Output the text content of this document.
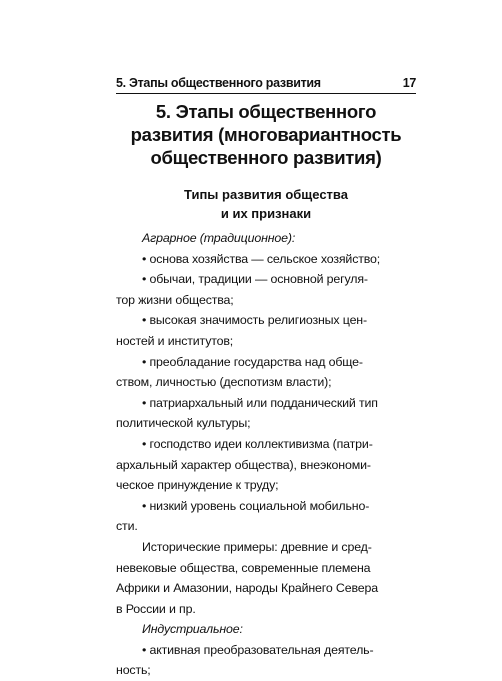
5. Этапы общественного развития	17
5. Этапы общественного
развития (многовариантность
общественного развития)
Типы развития общества
и их признаки
Аграрное (традиционное):
• основа хозяйства — сельское хозяйство;
• обычаи, традиции — основной регуля-
тор жизни общества;
• высокая значимость религиозных цен-
ностей и институтов;
• преобладание государства над обще-
ством, личностью (деспотизм власти);
• патриархальный или подданический тип
политической культуры;
• господство идеи коллективизма (патри-
архальный характер общества), внеэкономи-
ческое принуждение к труду;
• низкий уровень социальной мобильно-
сти.
Исторические примеры: древние и сред-
невековые общества, современные племена
Африки и Амазонии, народы Крайнего Севера
в России и пр.
Индустриальное:
• активная преобразовательная деятель-
ность;
